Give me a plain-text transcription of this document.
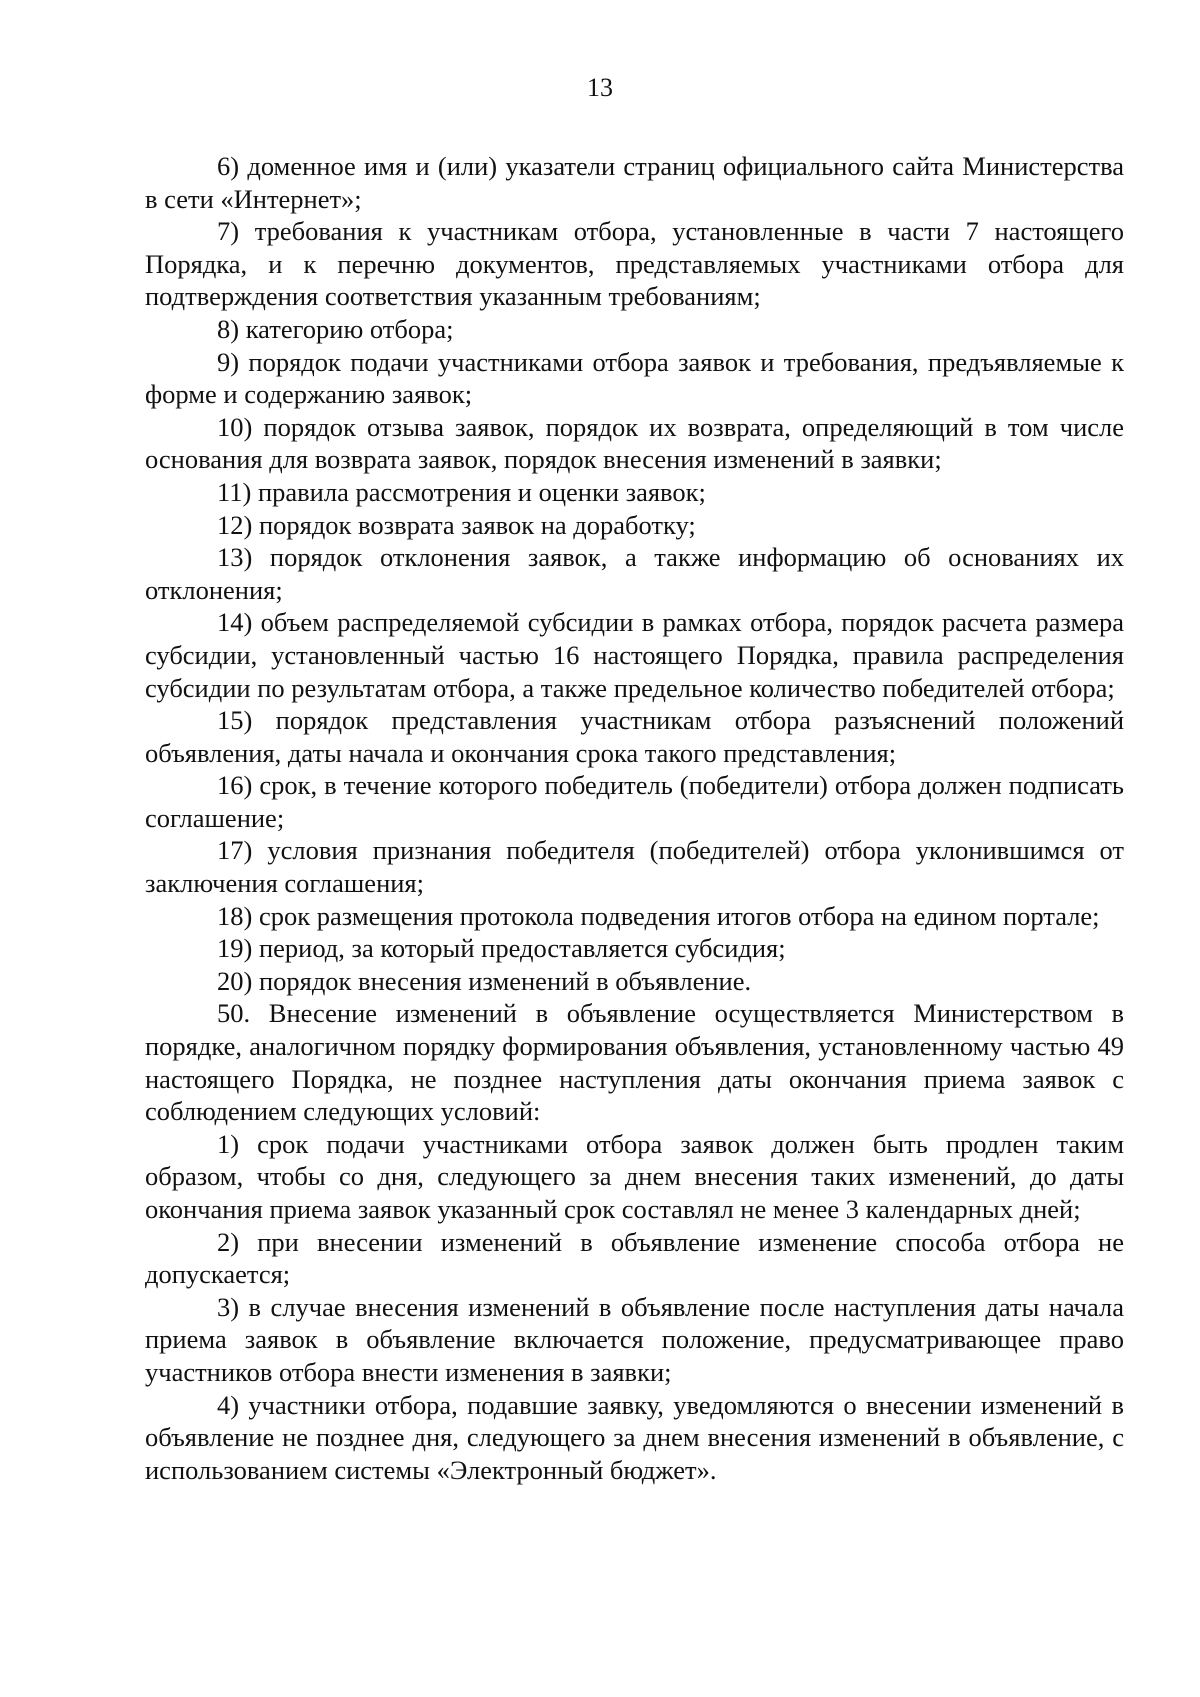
13

6) доменное имя и (или) указатели страниц официального сайта Министерства в сети «Интернет»;

7) требования к участникам отбора, установленные в части 7 настоящего Порядка, и к перечню документов, представляемых участниками отбора для подтверждения соответствия указанным требованиям;

8) категорию отбора;

9) порядок подачи участниками отбора заявок и требования, предъявляемые к форме и содержанию заявок;

10) порядок отзыва заявок, порядок их возврата, определяющий в том числе основания для возврата заявок, порядок внесения изменений в заявки;

11) правила рассмотрения и оценки заявок;

12) порядок возврата заявок на доработку;

13) порядок отклонения заявок, а также информацию об основаниях их отклонения;

14) объем распределяемой субсидии в рамках отбора, порядок расчета размера субсидии, установленный частью 16 настоящего Порядка, правила распределения субсидии по результатам отбора, а также предельное количество победителей отбора;

15) порядок представления участникам отбора разъяснений положений объявления, даты начала и окончания срока такого представления;

16) срок, в течение которого победитель (победители) отбора должен подписать соглашение;

17) условия признания победителя (победителей) отбора уклонившимся от заключения соглашения;

18) срок размещения протокола подведения итогов отбора на едином портале;

19) период, за который предоставляется субсидия;

20) порядок внесения изменений в объявление.

50. Внесение изменений в объявление осуществляется Министерством в порядке, аналогичном порядку формирования объявления, установленному частью 49 настоящего Порядка, не позднее наступления даты окончания приема заявок с соблюдением следующих условий:

1) срок подачи участниками отбора заявок должен быть продлен таким образом, чтобы со дня, следующего за днем внесения таких изменений, до даты окончания приема заявок указанный срок составлял не менее 3 календарных дней;

2) при внесении изменений в объявление изменение способа отбора не допускается;

3) в случае внесения изменений в объявление после наступления даты начала приема заявок в объявление включается положение, предусматривающее право участников отбора внести изменения в заявки;

4) участники отбора, подавшие заявку, уведомляются о внесении изменений в объявление не позднее дня, следующего за днем внесения изменений в объявление, с использованием системы «Электронный бюджет».
